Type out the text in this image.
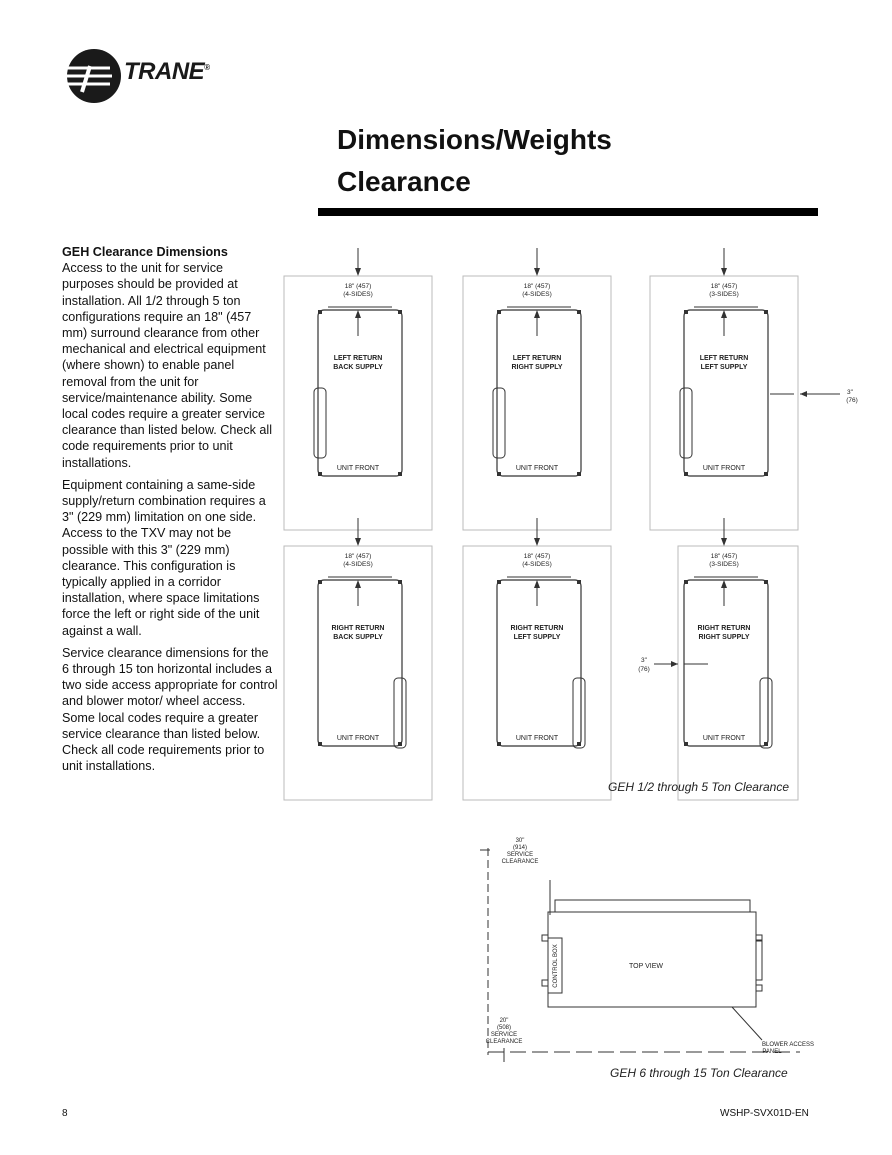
TRANE®
Dimensions/Weights
Clearance
GEH Clearance Dimensions

Access to the unit for service purposes should be provided at installation. All 1/2 through 5 ton configurations require an 18" (457 mm) surround clearance from other mechanical and electrical equipment (where shown) to enable panel removal from the unit for service/maintenance ability. Some local codes require a greater service clearance than listed below. Check all code requirements prior to unit installations.

Equipment containing a same-side supply/return combination requires a 3" (229 mm) limitation on one side. Access to the TXV may not be possible with this 3" (229 mm) clearance. This configuration is typically applied in a corridor installation, where space limitations force the left or right side of the unit against a wall.

Service clearance dimensions for the 6 through 15 ton horizontal includes a two side access appropriate for control and blower motor/ wheel access. Some local codes require a greater service clearance than listed below. Check all code requirements prior to unit installations.

18" (457)
(4-SIDES)
LEFT RETURN
BACK SUPPLY
UNIT FRONT
18" (457)
(4-SIDES)
LEFT RETURN
RIGHT SUPPLY
UNIT FRONT
18" (457)
(3-SIDES)
LEFT RETURN
LEFT SUPPLY
UNIT FRONT
3"
(76)
18" (457)
(4-SIDES)
RIGHT RETURN
BACK SUPPLY
UNIT FRONT
18" (457)
(4-SIDES)
RIGHT RETURN
LEFT SUPPLY
UNIT FRONT
18" (457)
(3-SIDES)
RIGHT RETURN
RIGHT SUPPLY
UNIT FRONT
3"
(76)
GEH 1/2 through 5 Ton Clearance
30"
(914)
SERVICE
CLEARANCE
20"
(508)
SERVICE
CLEARANCE
TOP VIEW
CONTROL BOX
BLOWER ACCESS
PANEL
GEH 6 through 15 Ton Clearance
8	WSHP-SVX01D-EN
